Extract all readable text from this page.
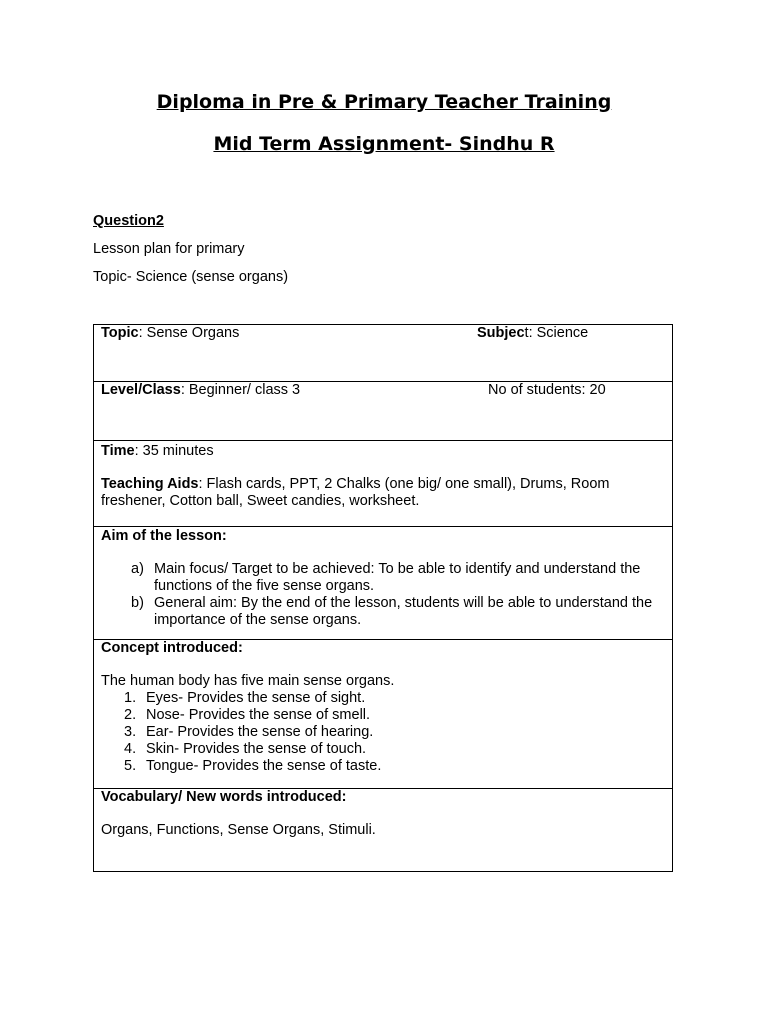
Diploma in Pre & Primary Teacher Training
Mid Term Assignment- Sindhu R

Question2

Lesson plan for primary

Topic- Science (sense organs)

Topic: Sense Organs	Subject: Science
Level/Class: Beginner/ class 3	No of students: 20

Time: 35 minutes

Teaching Aids: Flash cards, PPT, 2 Chalks (one big/ one small), Drums, Room freshener, Cotton ball, Sweet candies, worksheet.

Aim of the lesson:

a) Main focus/ Target to be achieved: To be able to identify and understand the functions of the five sense organs.
b) General aim: By the end of the lesson, students will be able to understand the importance of the sense organs.

Concept introduced:

The human body has five main sense organs.

1. Eyes- Provides the sense of sight.
2. Nose- Provides the sense of smell.
3. Ear- Provides the sense of hearing.
4. Skin- Provides the sense of touch.
5. Tongue- Provides the sense of taste.

Vocabulary/ New words introduced:

Organs, Functions, Sense Organs, Stimuli.
